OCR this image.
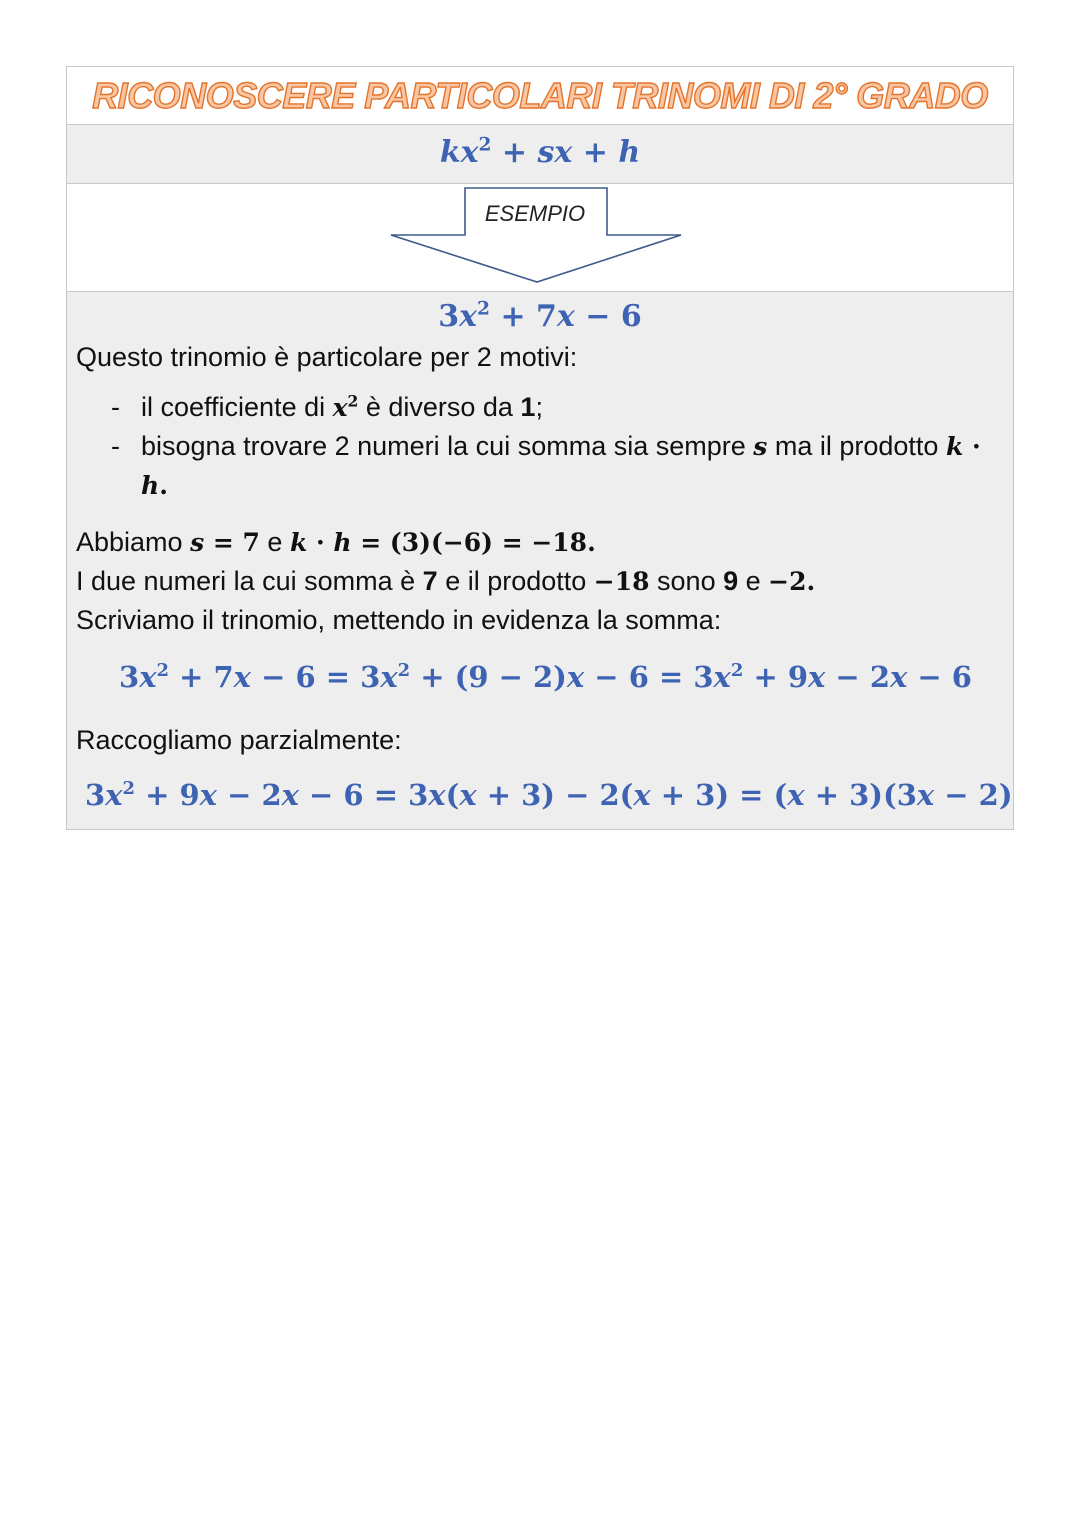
RICONOSCERE PARTICOLARI TRINOMI DI 2° GRADO
$kx^2$ + sx + h
ESEMPIO
$3x^2 + 7x - 6$

Questo trinomio è particolare per 2 motivi:

- il coefficiente di $x^2$ è diverso da 1;
- bisogna trovare 2 numeri la cui somma sia sempre s ma il prodotto k · h.

Abbiamo s = 7 e k · h = (3)(−6) = −18.

I due numeri la cui somma è 7 e il prodotto −18 sono 9 e −2.

Scriviamo il trinomio, mettendo in evidenza la somma:

$3x^2 + 7x - 6 = 3x^2 + (9 - 2)x - 6 = 3x^2 + 9x - 2x - 6$

Raccogliamo parzialmente:

$3x^2 + 9x - 2x - 6 = 3x(x + 3) - 2(x + 3) = (x + 3)(3x - 2)$
